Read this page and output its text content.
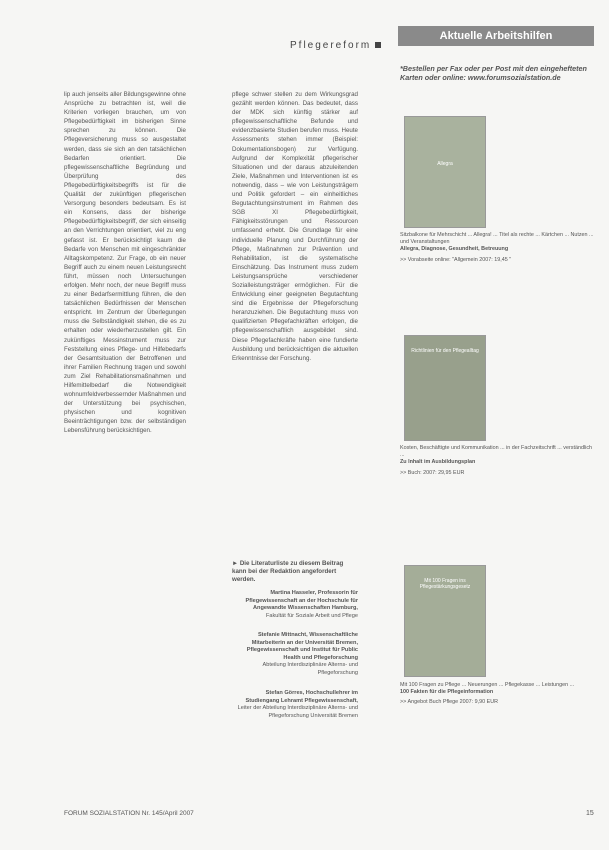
Pflegereform
Aktuelle Arbeitshilfen

lip auch jenseits aller Bildungsgewinne ohne Ansprüche zu betrachten ist, weil die Kriterien vorliegen brauchen, um von Pflegebedürftigkeit im bisherigen Sinne sprechen zu können. Die Pflegeversicherung muss so ausgestaltet werden, dass sie sich an den tatsächlichen Bedarfen orientiert. Die pflegewissenschaftliche Begründung und Überprüfung des Pflegebedürftigkeitsbegriffs ist für die Qualität der zukünftigen pflegerischen Versorgung besonders bedeutsam. Es ist ein Konsens, dass der bisherige Pflegebedürftigkeitsbegriff, der sich einseitig an den Verrichtungen orientiert, viel zu eng gefasst ist. Er berücksichtigt kaum die Bedarfe von Menschen mit eingeschränkter Alltagskompetenz. Zur Frage, ob ein neuer Begriff auch zu einem neuen Leistungsrecht führt, müssen noch Untersuchungen erfolgen. Mehr noch, der neue Begriff muss zu einer Bedarfsermittlung führen, die den tatsächlichen Bedürfnissen der Menschen entspricht. Im Zentrum der Überlegungen muss die Selbständigkeit stehen, die es zu erhalten oder wiederherzustellen gilt. Ein zukünftiges Messinstrument muss zur Feststellung eines Pflege- und Hilfebedarfs der Gesamtsituation der Betroffenen und ihrer Familien Rechnung tragen und sowohl zum Ziel Rehabilitationsmaßnahmen und Hilfemittelbedarf die Notwendigkeit wohnumfeldverbessernder Maßnahmen und der Unterstützung bei psychischen, physischen und kognitiven Beeinträchtigungen bzw. der selbständigen Lebensführung berücksichtigen.

pflege schwer stellen zu dem Wirkungsgrad gezählt werden können. Das bedeutet, dass der MDK sich künftig stärker auf pflegewissenschaftliche Befunde und evidenzbasierte Studien berufen muss. Heute Assessments stehen immer (Beispiel: Dokumentationsbogen) zur Verfügung. Aufgrund der Komplexität pflegerischer Situationen und der daraus abzuleitenden Ziele, Maßnahmen und Interventionen ist es notwendig, dass – wie von Leistungsträgern und Politik gefordert – ein einheitliches Begutachtungsinstrument im Rahmen des SGB XI Pflegebedürftigkeit, Fähigkeitsstörungen und Ressourcen umfassend erhebt. Die Grundlage für eine individuelle Planung und Durchführung der Pflege, Maßnahmen zur Prävention und Rehabilitation, ist die systematische Einschätzung. Das Instrument muss zudem Leistungsansprüche verschiedener Sozialleistungsträger ermöglichen. Für die Entwicklung einer geeigneten Begutachtung sind die Ergebnisse der Pflegeforschung heranzuziehen. Die Begutachtung muss von qualifizierten Pflegefachkräften erfolgen, die pflegewissenschaftlich ausgebildet sind. Diese Pflegefachkräfte haben eine fundierte Ausbildung und berücksichtigen die aktuellen Erkenntnisse der Forschung.

► Die Literaturliste zu diesem Beitrag kann bei der Redaktion angefordert werden.
Martina Hasseler, Professorin für Pflegewissenschaft an der Hochschule für Angewandte Wissenschaften Hamburg,
Fakultät für Soziale Arbeit und Pflege
Stefanie Mittnacht, Wissenschaftliche Mitarbeiterin an der Universität Bremen, Pflegewissenschaft und Institut für Public Health und Pflegeforschung
Abteilung Interdisziplinäre Alterns- und Pflegeforschung
Stefan Görres, Hochschullehrer im Studiengang Lehramt Pflegewissenschaft,
Leiter der Abteilung Interdisziplinäre Alterns- und Pflegeforschung Universität Bremen
*Bestellen per Fax oder per Post mit den eingehefteten Karten oder online: www.forumsozialstation.de
Allegra
Sitzbalkone für Mehrschicht ... Allegra! ... Titel als rechte ... Kärtchen ... Nutzen ... und Veranstaltungen
Allegra, Diagnose, Gesundheit, Betreuung
>> Vorabseite online: "Allgemein 2007: 19,45 "
Richtlinien für den Pflegealltag
Kosten, Beschäftigte und Kommunikation ... in der Fachzeitschrift ... verständlich ...
Zu Inhalt im Ausbildungsplan
>> Buch: 2007: 29,95 EUR
Mit 100 Fragen ins Pflegestärkungsgesetz
Mit 100 Fragen zu Pflege ... Neuerungen ... Pflegekasse ... Leistungen ...
100 Fakten für die Pflegeinformation
>> Angebot Buch Pflege 2007: 9,90 EUR
FORUM SOZIALSTATION Nr. 145/April 2007	15
